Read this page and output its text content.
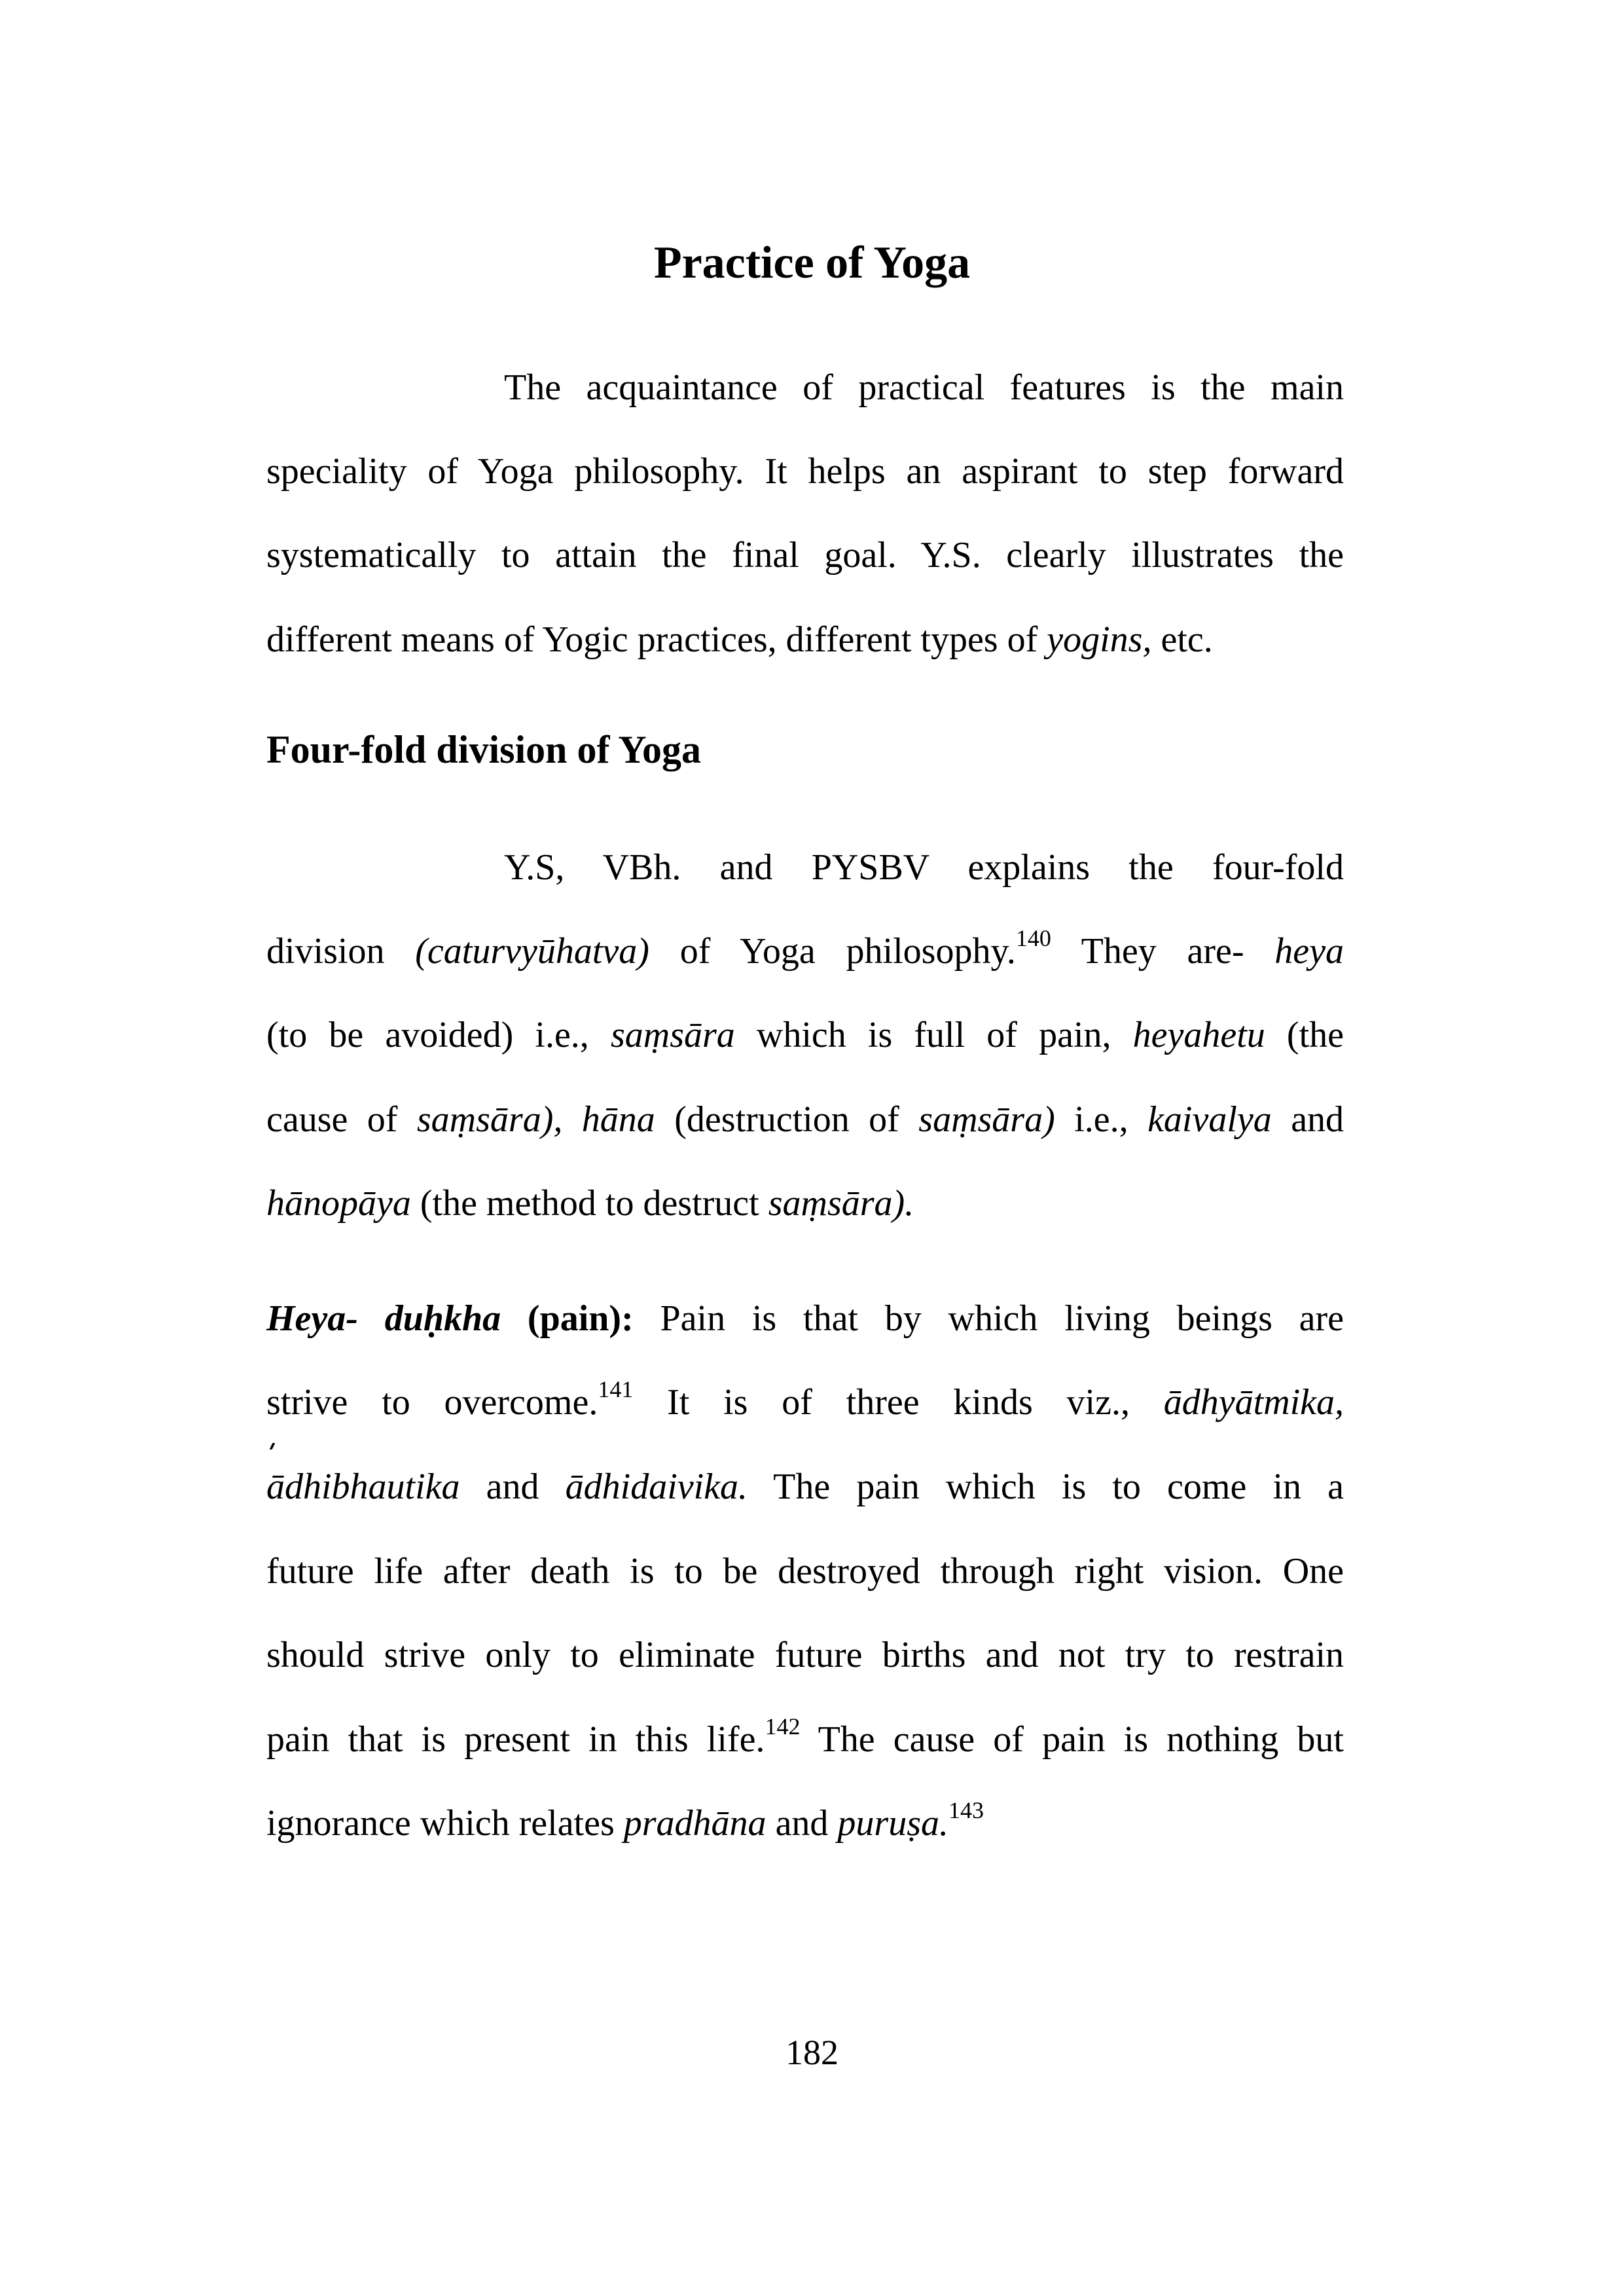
Practice of Yoga
The acquaintance of practical features is the main
speciality of Yoga philosophy. It helps an aspirant to step forward
systematically to attain the final goal. Y.S. clearly illustrates the
different means of Yogic practices, different types of yogins, etc.
Four-fold division of Yoga
Y.S, VBh. and PYSBV explains the four-fold
division (caturvyūhatva) of Yoga philosophy.$^{140}$ They are- heya
(to be avoided) i.e., saṃsāra which is full of pain, heyahetu (the
cause of saṃsāra), hāna (destruction of saṃsāra) i.e., kaivalya and
hānopāya (the method to destruct saṃsāra).
Heya- duḥkha (pain): Pain is that by which living beings are
strive to overcome.$^{141}$ It is of three kinds viz., ādhyātmika,
ādhibhautika and ādhidaivika. The pain which is to come in a
future life after death is to be destroyed through right vision. One
should strive only to eliminate future births and not try to restrain
pain that is present in this life.$^{142}$ The cause of pain is nothing but
ignorance which relates pradhāna and puruṣa.$^{143}$
182
